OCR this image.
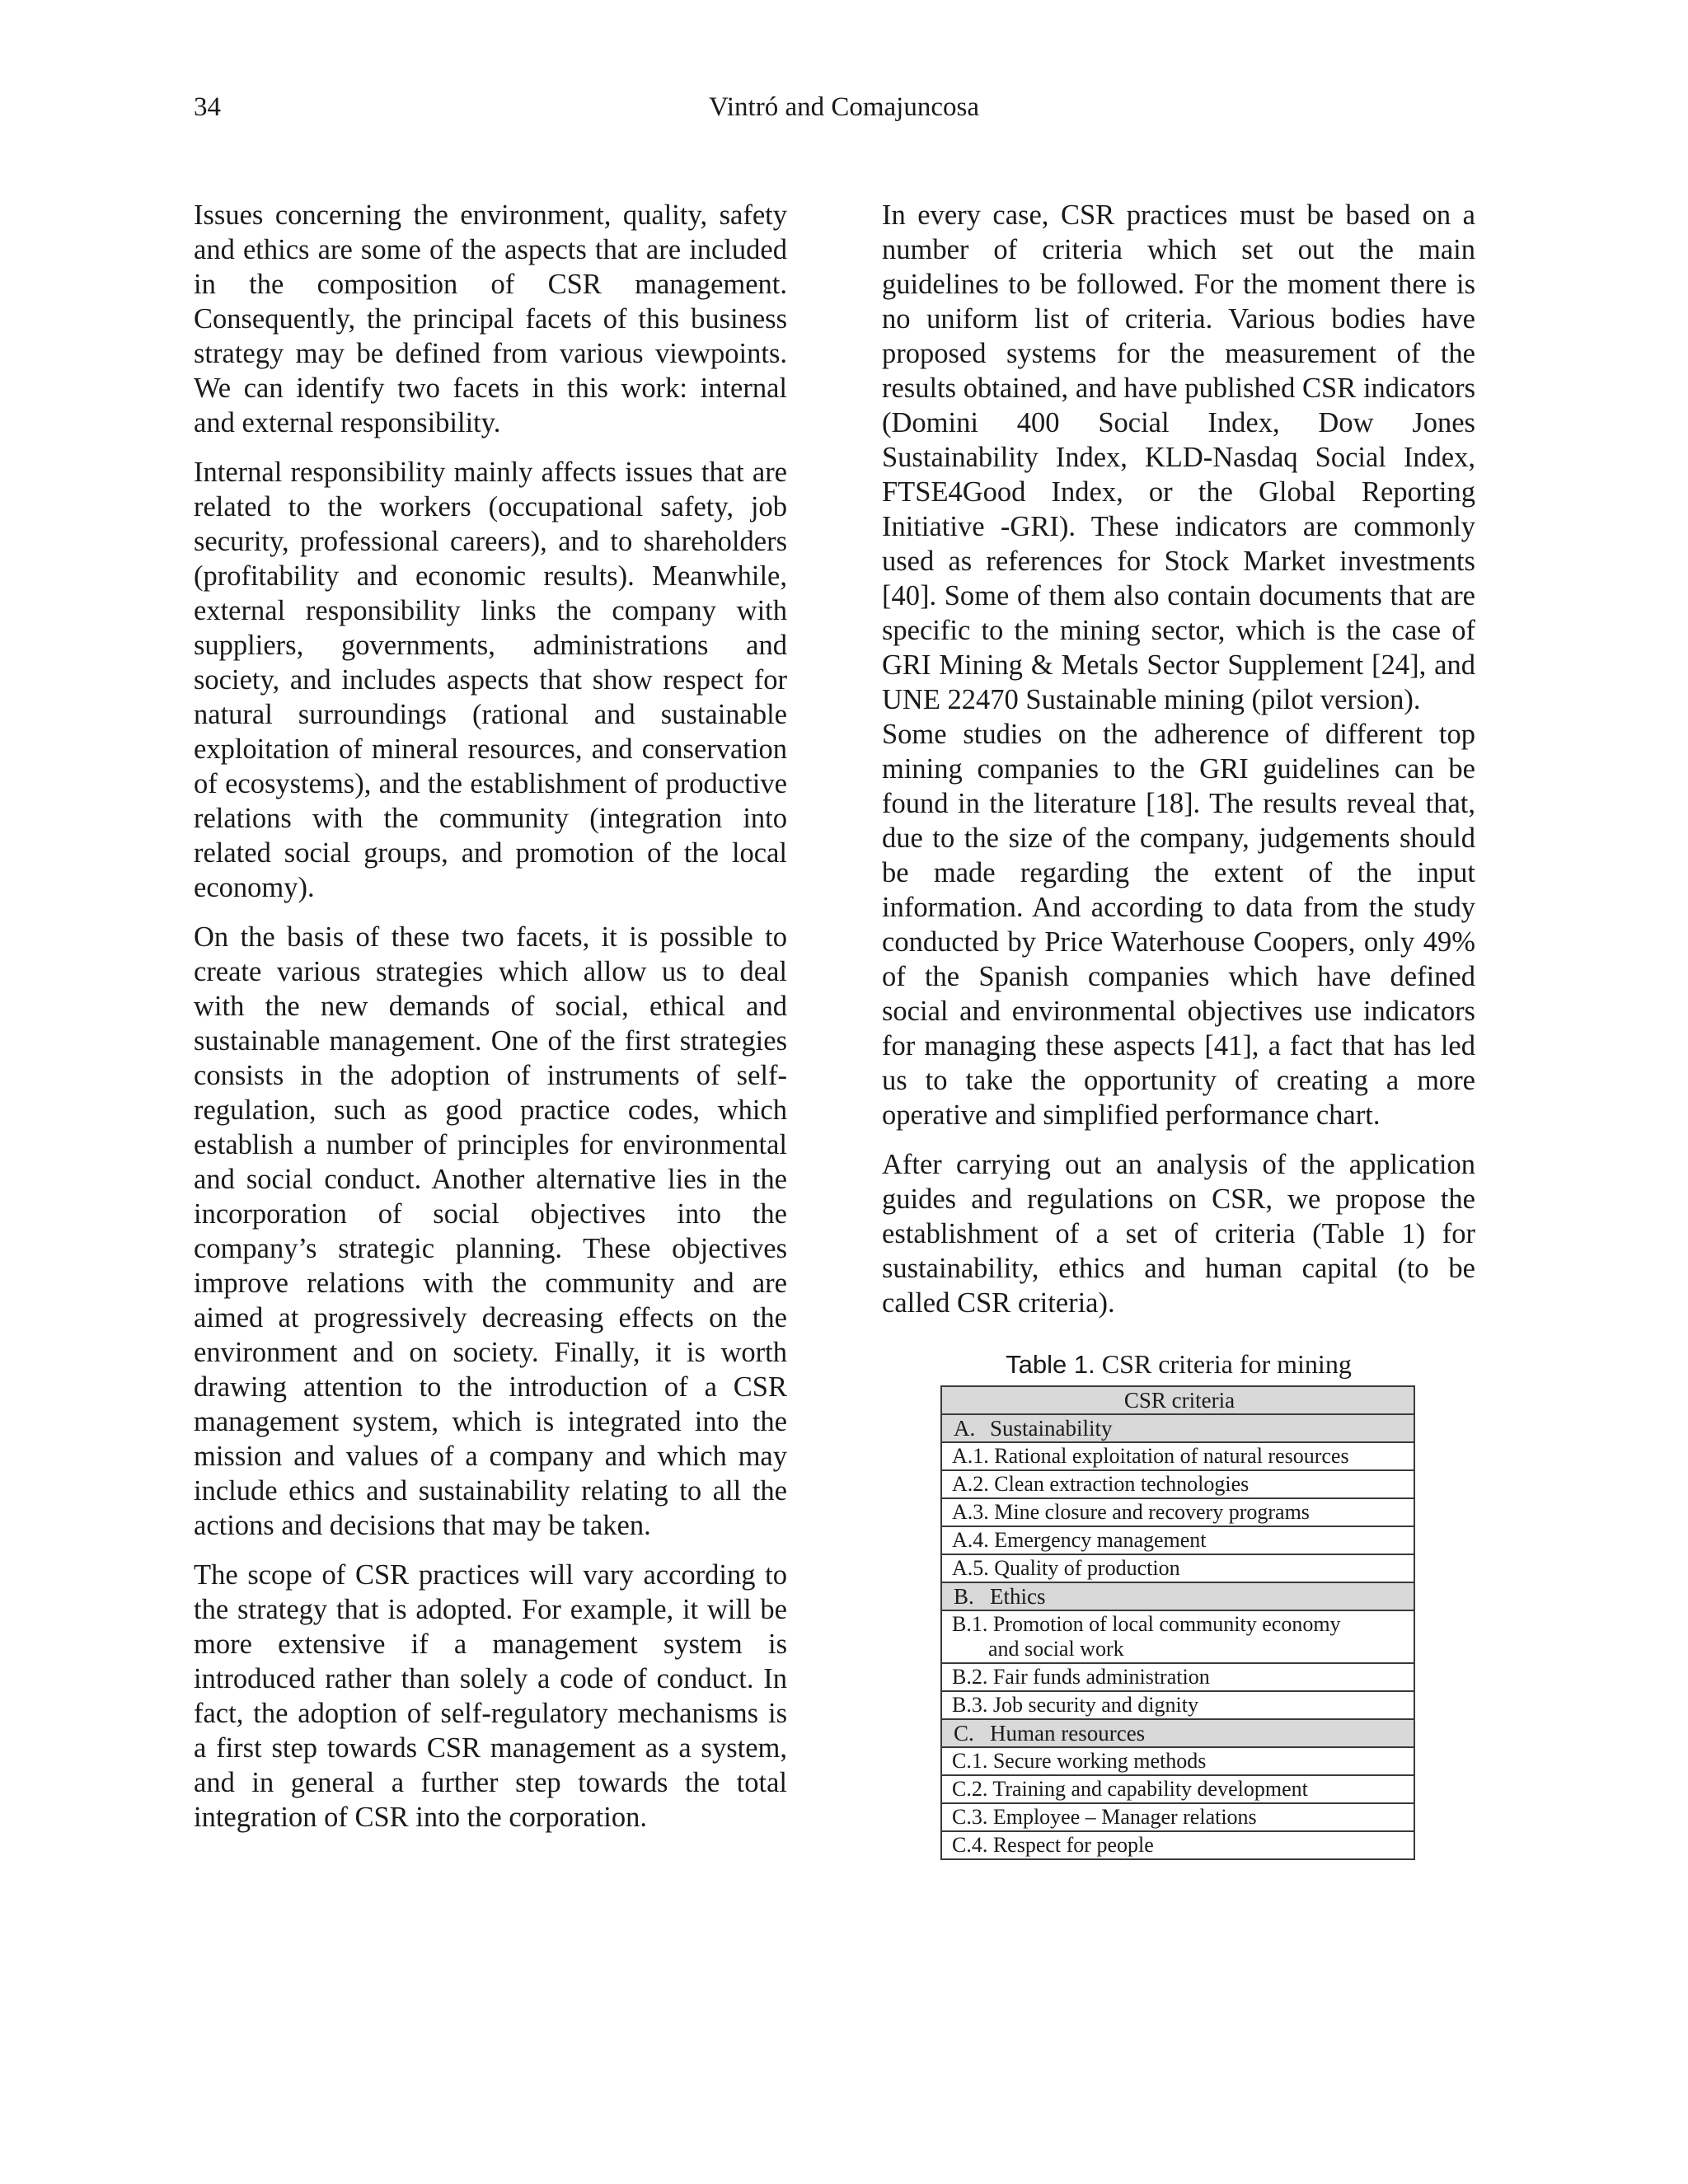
34	Vintró and Comajuncosa

Issues concerning the environment, quality, safety and ethics are some of the aspects that are included in the composition of CSR management. Consequently, the principal facets of this business strategy may be defined from various viewpoints. We can identify two facets in this work: internal and external responsibility.

Internal responsibility mainly affects issues that are related to the workers (occupational safety, job security, professional careers), and to shareholders (profitability and economic results). Meanwhile, external responsibility links the company with suppliers, governments, administrations and society, and includes aspects that show respect for natural surroundings (rational and sustainable exploitation of mineral resources, and conservation of ecosystems), and the establishment of productive relations with the community (integration into related social groups, and promotion of the local economy).

On the basis of these two facets, it is possible to create various strategies which allow us to deal with the new demands of social, ethical and sustainable management. One of the first strategies consists in the adoption of instruments of self-regulation, such as good practice codes, which establish a number of principles for environmental and social conduct. Another alternative lies in the incorporation of social objectives into the company’s strategic planning. These objectives improve relations with the community and are aimed at progressively decreasing effects on the environment and on society. Finally, it is worth drawing attention to the introduction of a CSR management system, which is integrated into the mission and values of a company and which may include ethics and sustainability relating to all the actions and decisions that may be taken.

The scope of CSR practices will vary according to the strategy that is adopted. For example, it will be more extensive if a management system is introduced rather than solely a code of conduct. In fact, the adoption of self-regulatory mechanisms is a first step towards CSR management as a system, and in general a further step towards the total integration of CSR into the corporation.

In every case, CSR practices must be based on a number of criteria which set out the main guidelines to be followed. For the moment there is no uniform list of criteria. Various bodies have proposed systems for the measurement of the results obtained, and have published CSR indicators (Domini 400 Social Index, Dow Jones Sustainability Index, KLD-Nasdaq Social Index, FTSE4Good Index, or the Global Reporting Initiative -GRI). These indicators are commonly used as references for Stock Market investments [40]. Some of them also contain documents that are specific to the mining sector, which is the case of GRI Mining & Metals Sector Supplement [24], and UNE 22470 Sustainable mining (pilot version).

Some studies on the adherence of different top mining companies to the GRI guidelines can be found in the literature [18]. The results reveal that, due to the size of the company, judgements should be made regarding the extent of the input information. And according to data from the study conducted by Price Waterhouse Coopers, only 49% of the Spanish companies which have defined social and environmental objectives use indicators for managing these aspects [41], a fact that has led us to take the opportunity of creating a more operative and simplified performance chart.

After carrying out an analysis of the application guides and regulations on CSR, we propose the establishment of a set of criteria (Table 1) for sustainability, ethics and human capital (to be called CSR criteria).

Table 1. CSR criteria for mining
CSR criteria
A. Sustainability
A.1. Rational exploitation of natural resources
A.2. Clean extraction technologies
A.3. Mine closure and recovery programs
A.4. Emergency management
A.5. Quality of production
B. Ethics

B.1. Promotion of local community economy
and social work

B.2. Fair funds administration
B.3. Job security and dignity
C. Human resources
C.1. Secure working methods
C.2. Training and capability development
C.3. Employee – Manager relations
C.4. Respect for people
